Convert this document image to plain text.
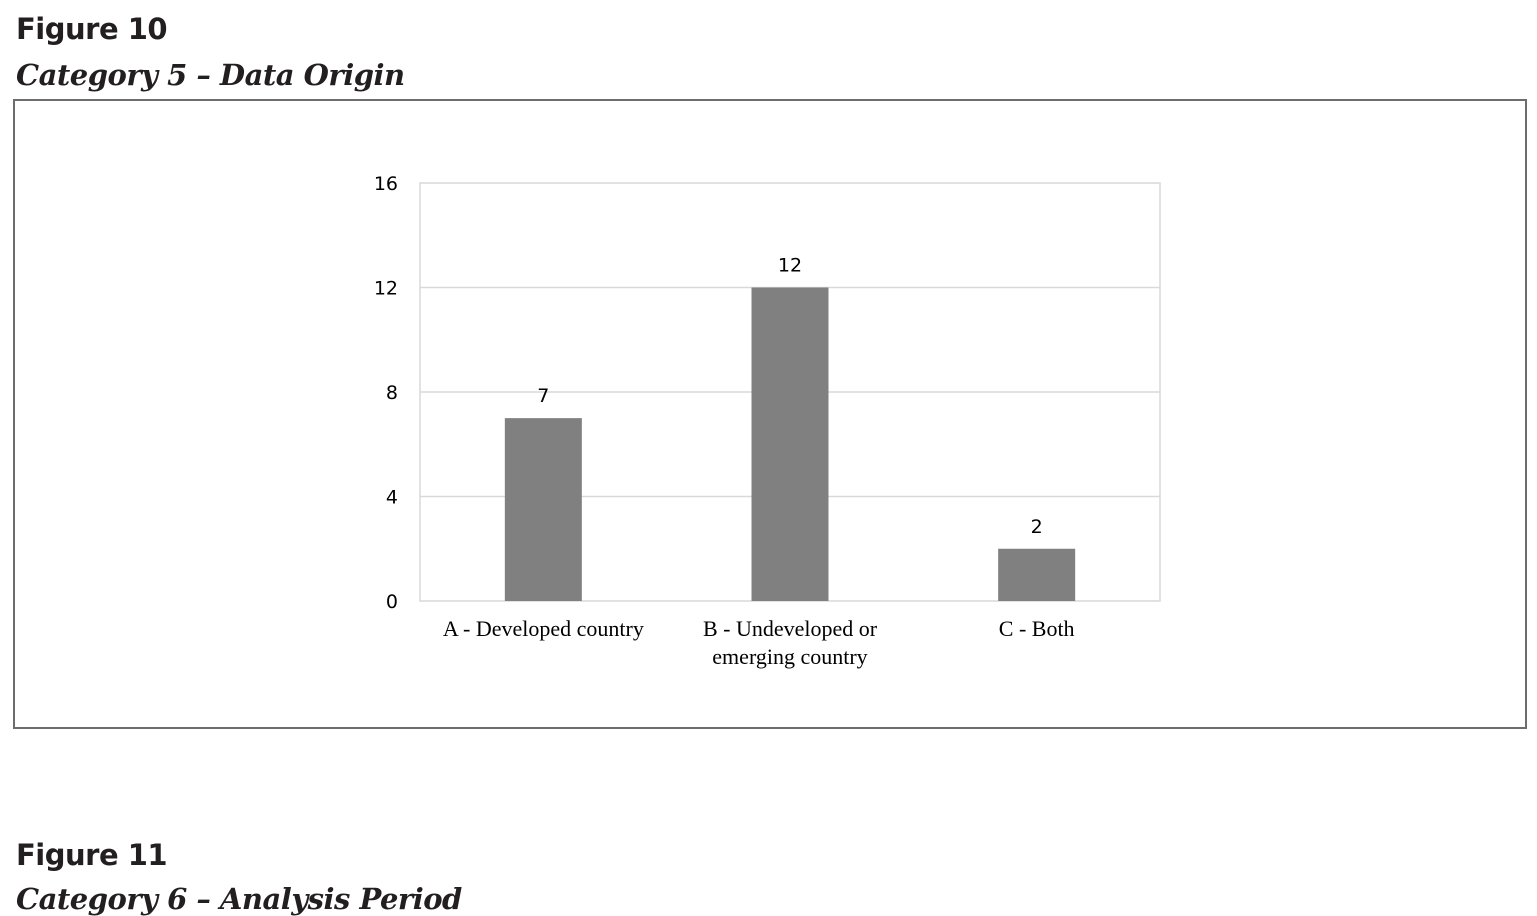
Figure 10
Category 5 – Data Origin
0
4
8
12
16
7
12
2
A - Developed country	B - Undeveloped or
emerging country
C - Both
Figure 11
Category 6 – Analysis Period
